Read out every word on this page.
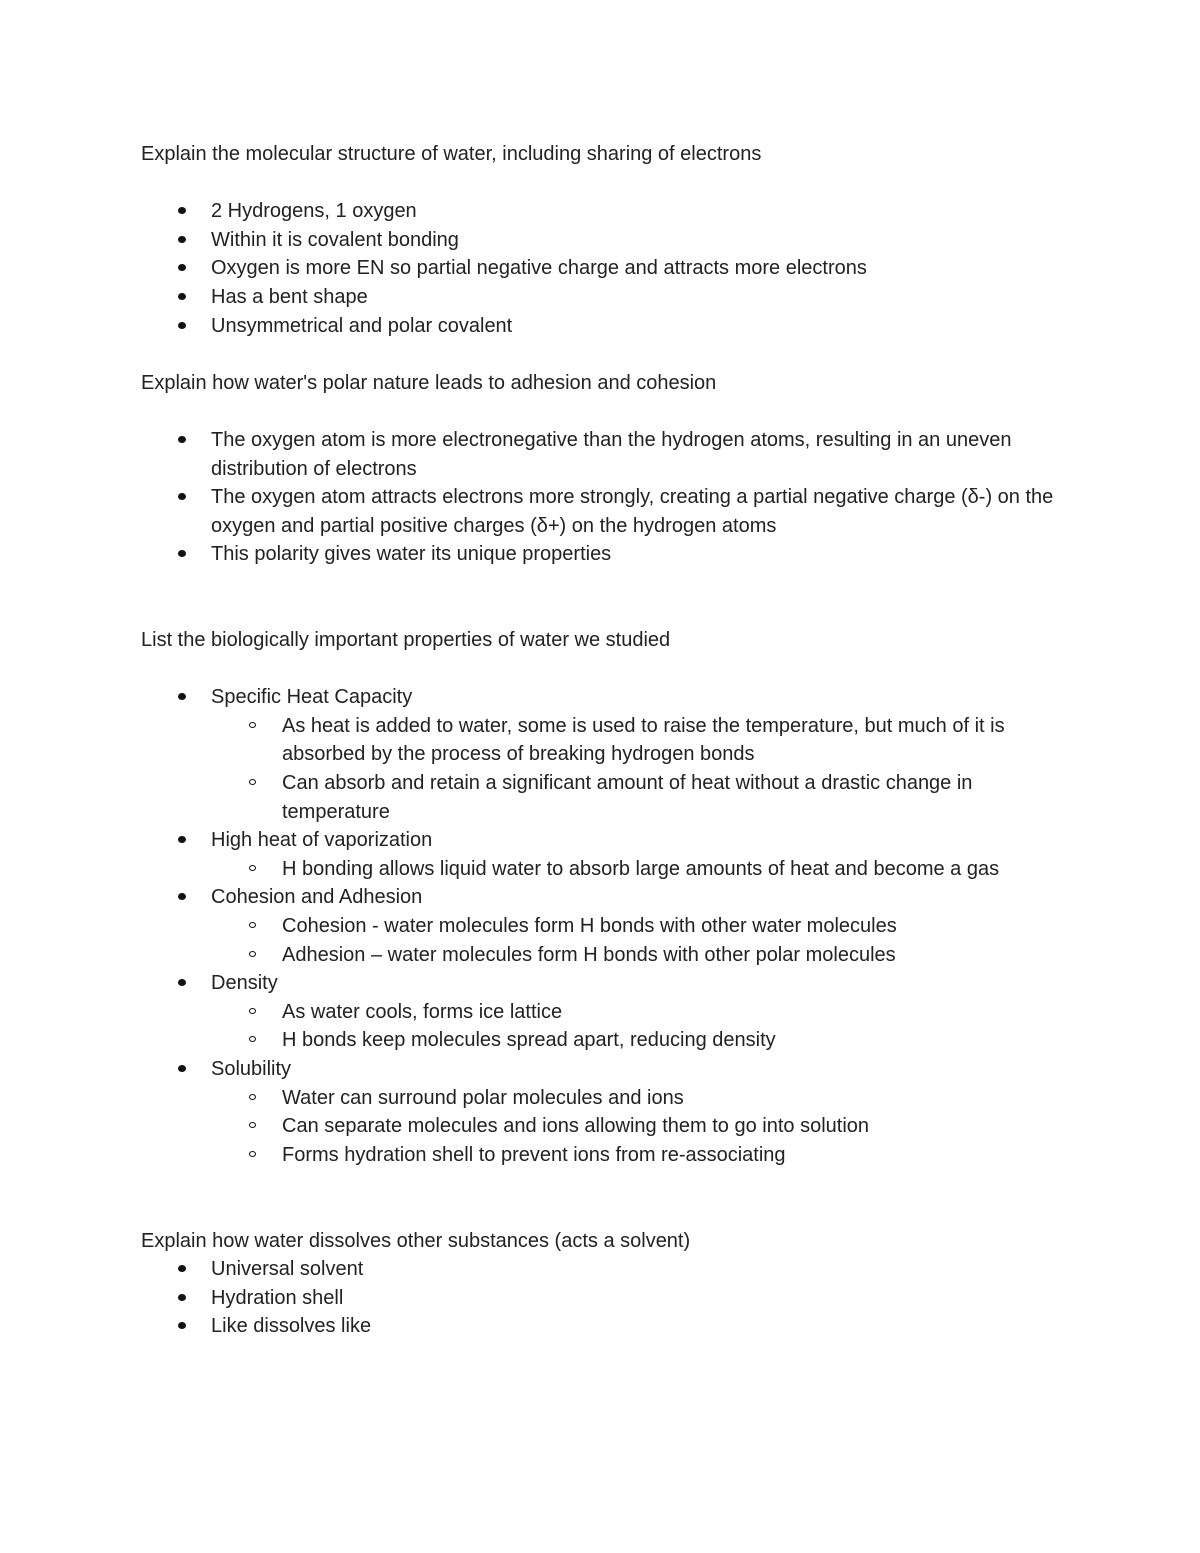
Explain the molecular structure of water, including sharing of electrons

2 Hydrogens, 1 oxygen
Within it is covalent bonding
Oxygen is more EN so partial negative charge and attracts more electrons
Has a bent shape
Unsymmetrical and polar covalent

Explain how water's polar nature leads to adhesion and cohesion

The oxygen atom is more electronegative than the hydrogen atoms, resulting in an uneven distribution of electrons
The oxygen atom attracts electrons more strongly, creating a partial negative charge (δ-) on the oxygen and partial positive charges (δ+) on the hydrogen atoms
This polarity gives water its unique properties

List the biologically important properties of water we studied

Specific Heat Capacity
As heat is added to water, some is used to raise the temperature, but much of it is absorbed by the process of breaking hydrogen bonds
Can absorb and retain a significant amount of heat without a drastic change in temperature
High heat of vaporization
H bonding allows liquid water to absorb large amounts of heat and become a gas
Cohesion and Adhesion
Cohesion - water molecules form H bonds with other water molecules
Adhesion – water molecules form H bonds with other polar molecules
Density
As water cools, forms ice lattice
H bonds keep molecules spread apart, reducing density
Solubility
Water can surround polar molecules and ions
Can separate molecules and ions allowing them to go into solution
Forms hydration shell to prevent ions from re-associating

Explain how water dissolves other substances (acts a solvent)

Universal solvent
Hydration shell
Like dissolves like
